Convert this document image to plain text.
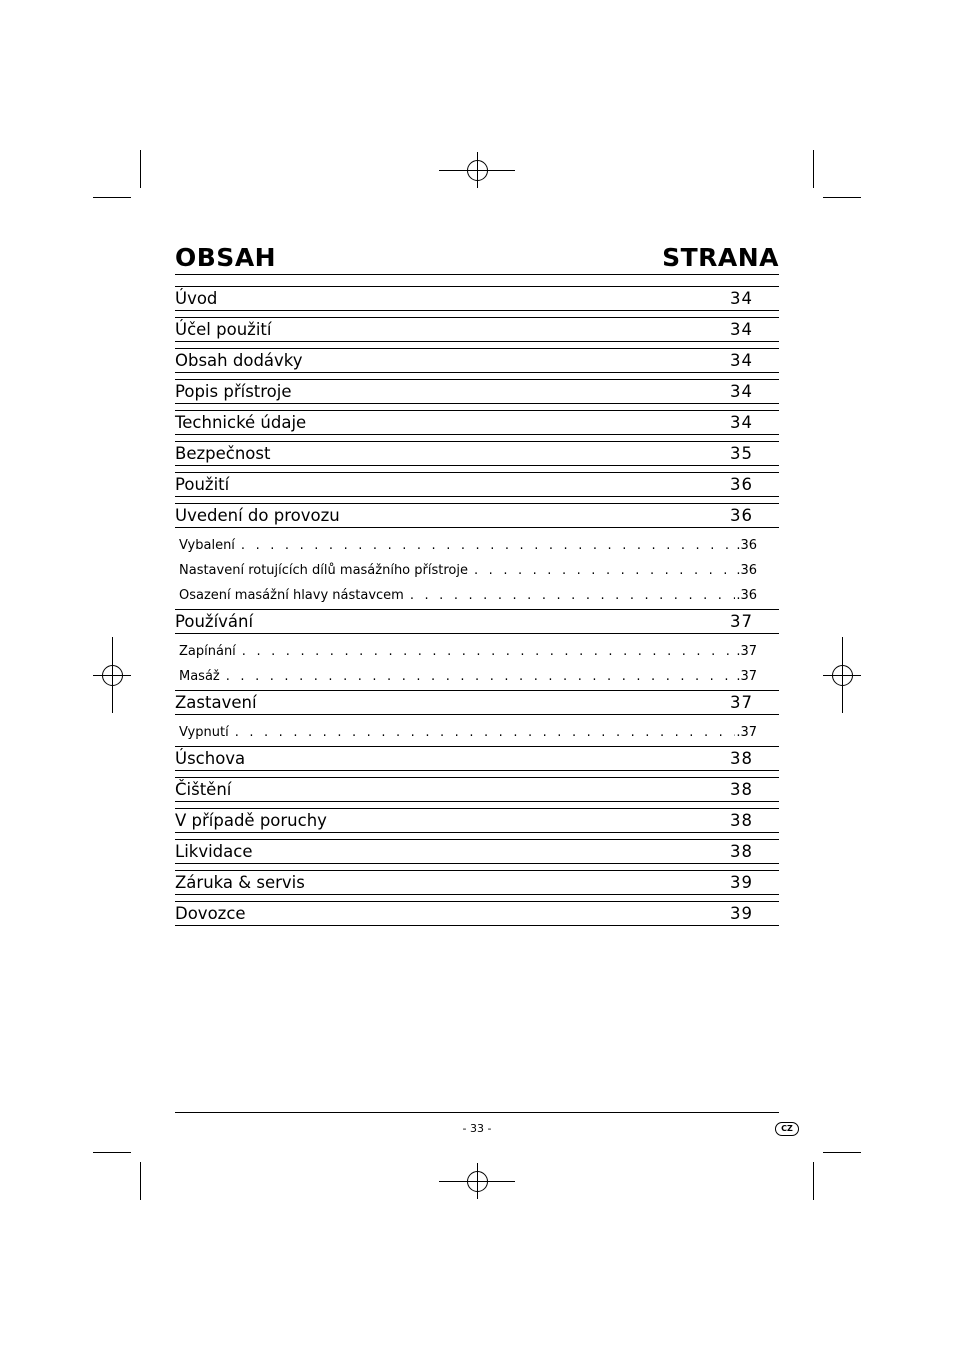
OBSAH	STRANA
Úvod	34
Účel použití	34
Obsah dodávky	34
Popis přístroje	34
Technické údaje	34
Bezpečnost	35
Použití	36
Uvedení do provozu	36
Vybalení . . .	.36
Nastavení rotujících dílů masážního přístroje . . .	.36
Osazení masážní hlavy nástavcem . . .	.36
Používání	37
Zapínání . . .	.37
Masáž . . .	.37
Zastavení	37
Vypnutí . . .	.37
Úschova	38
Čištění	38
V případě poruchy	38
Likvidace	38
Záruka & servis	39
Dovozce	39
- 33 -	CZ
